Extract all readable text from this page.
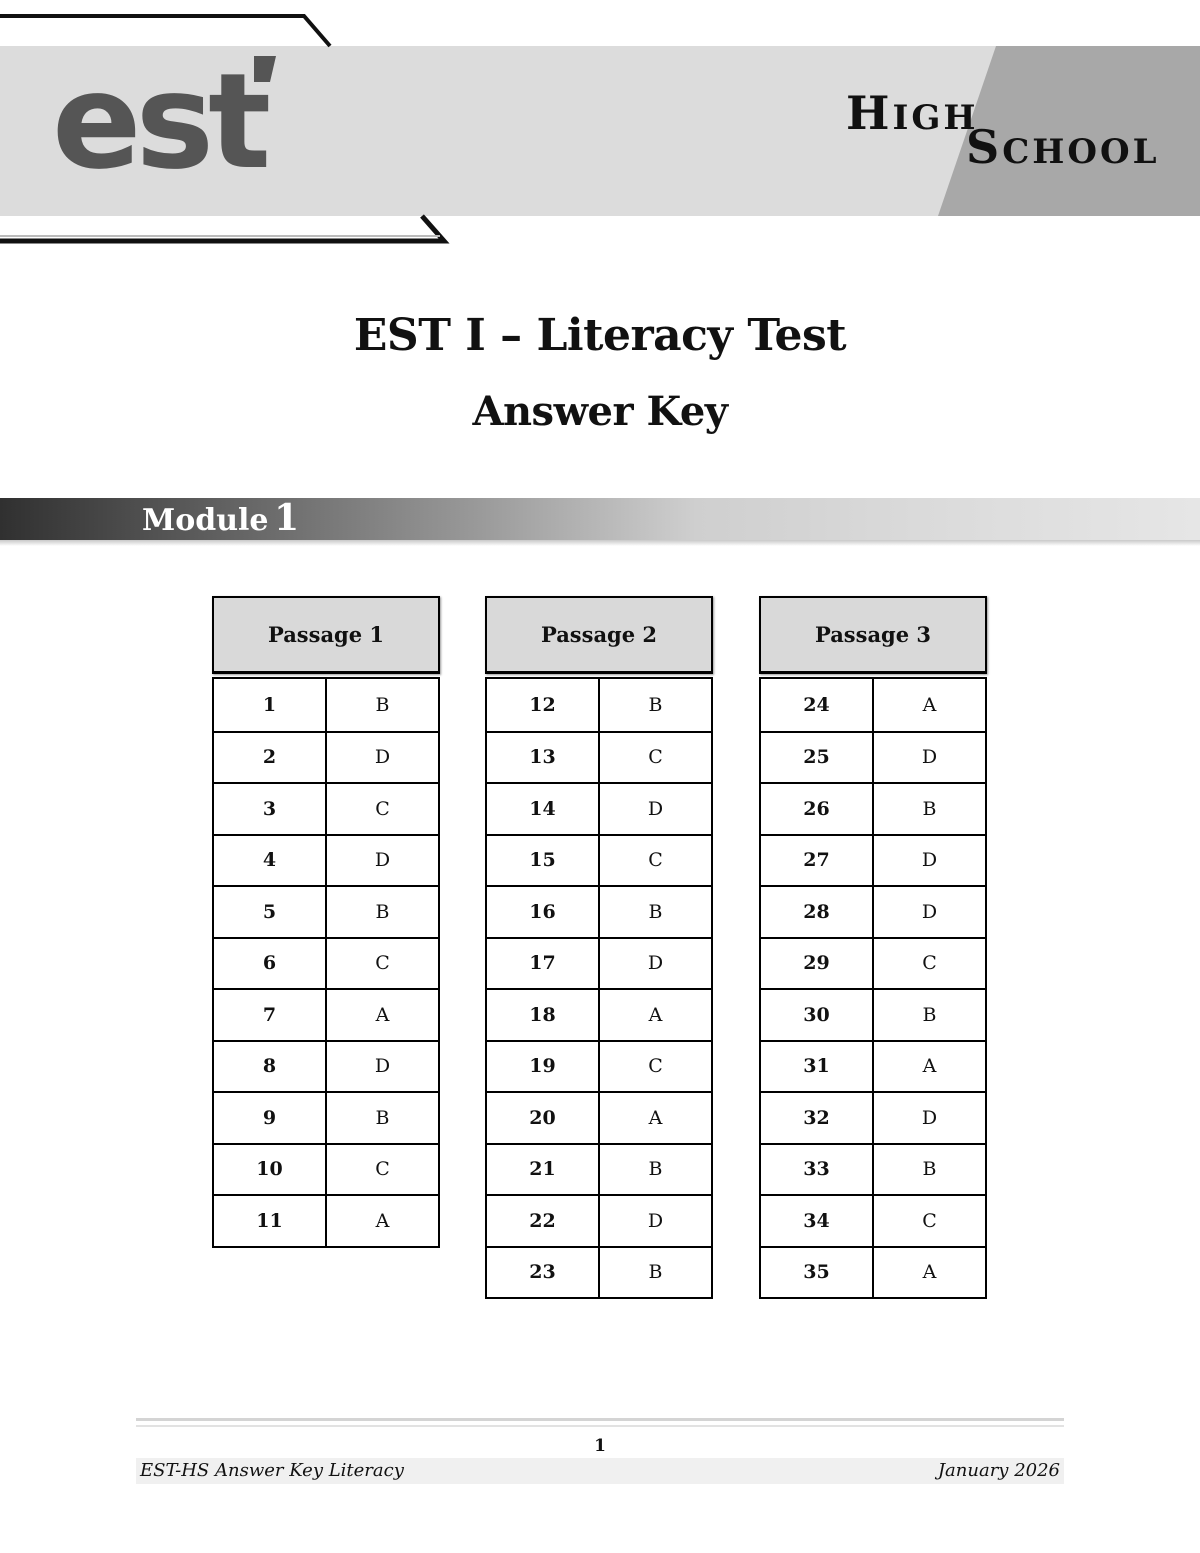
est	HIGH
SCHOOL
EST I – Literacy Test
Answer Key
Module 1
Passage 1
1	B
2	D
3	C
4	D
5	B
6	C
7	A
8	D
9	B
10	C
11	A
Passage 2
12	B
13	C
14	D
15	C
16	B
17	D
18	A
19	C
20	A
21	B
22	D
23	B
Passage 3
24	A
25	D
26	B
27	D
28	D
29	C
30	B
31	A
32	D
33	B
34	C
35	A
1
EST-HS Answer Key Literacy	January 2026
